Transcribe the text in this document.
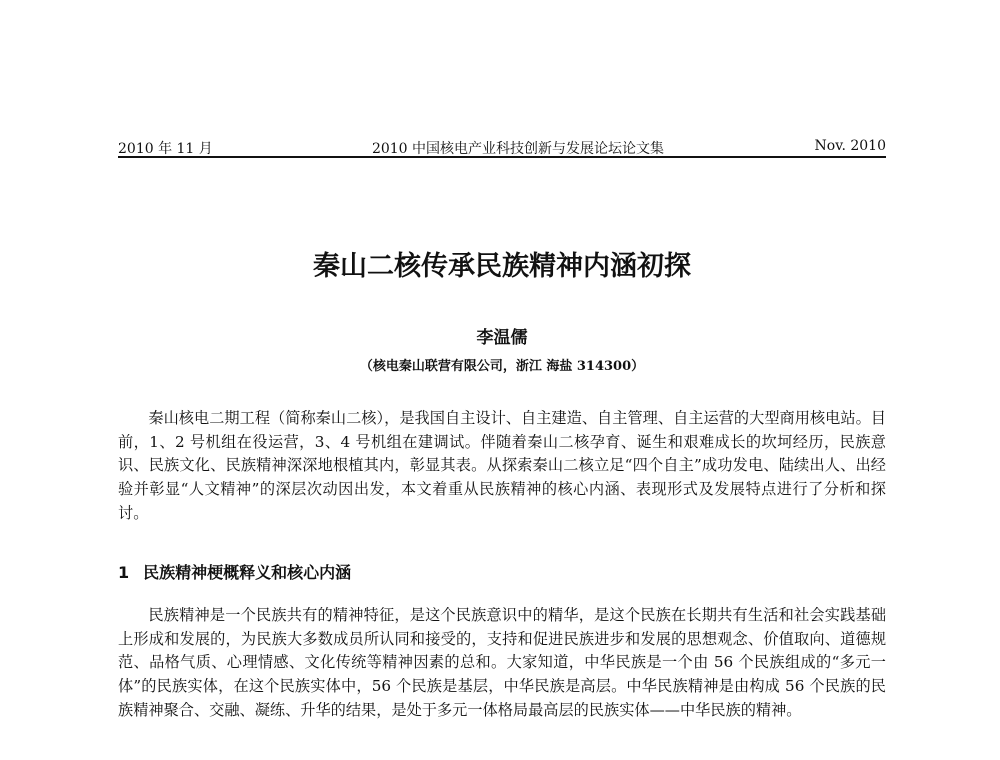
2010 年 11 月	2010 中国核电产业科技创新与发展论坛论文集	Nov. 2010
秦山二核传承民族精神内涵初探
李温儒
（核电秦山联营有限公司，浙江 海盐 314300）

秦山核电二期工程（简称秦山二核），是我国自主设计、自主建造、自主管理、自主运营的大型商用核电站。目前，1、2 号机组在役运营，3、4 号机组在建调试。伴随着秦山二核孕育、诞生和艰难成长的坎坷经历，民族意识、民族文化、民族精神深深地根植其内，彰显其表。从探索秦山二核立足“四个自主”成功发电、陆续出人、出经验并彰显“人文精神”的深层次动因出发，本文着重从民族精神的核心内涵、表现形式及发展特点进行了分析和探讨。

1 民族精神梗概释义和核心内涵

民族精神是一个民族共有的精神特征，是这个民族意识中的精华，是这个民族在长期共有生活和社会实践基础上形成和发展的，为民族大多数成员所认同和接受的，支持和促进民族进步和发展的思想观念、价值取向、道德规范、品格气质、心理情感、文化传统等精神因素的总和。大家知道，中华民族是一个由 56 个民族组成的“多元一体”的民族实体，在这个民族实体中，56 个民族是基层，中华民族是高层。中华民族精神是由构成 56 个民族的民族精神聚合、交融、凝练、升华的结果，是处于多元一体格局最高层的民族实体——中华民族的精神。
